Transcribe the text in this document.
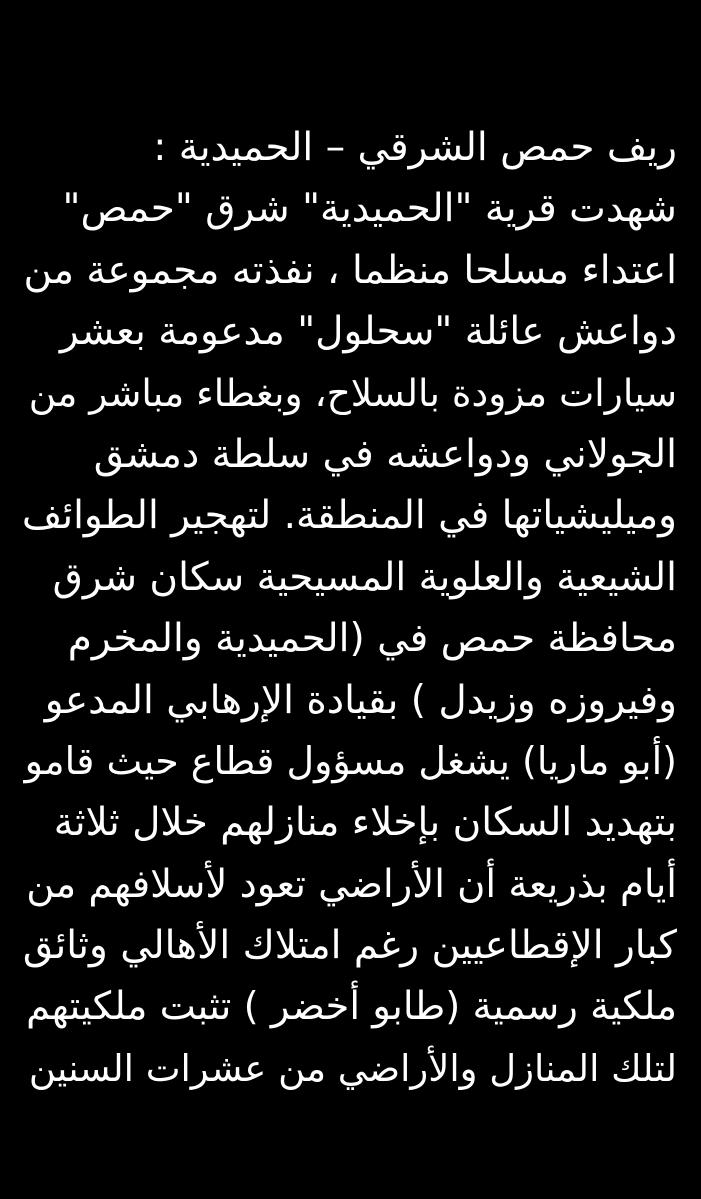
ريف حمص الشرقي – الحميدية :
شهدت قرية "الحميدية" شرق "حمص"
اعتداء مسلحا منظما ، نفذته مجموعة من
دواعش عائلة "سحلول" مدعومة بعشر
سيارات مزودة بالسلاح، وبغطاء مباشر من
الجولاني ودواعشه في سلطة دمشق
وميليشياتها في المنطقة. لتهجير الطوائف
الشيعية والعلوية المسيحية سكان شرق
محافظة حمص في (الحميدية والمخرم
وفيروزه وزيدل ) بقيادة الإرهابي المدعو
(أبو ماريا) يشغل مسؤول قطاع حيث قامو
بتهديد السكان بإخلاء منازلهم خلال ثلاثة
أيام بذريعة أن الأراضي تعود لأسلافهم من
كبار الإقطاعيين رغم امتلاك الأهالي وثائق
ملكية رسمية (طابو أخضر ) تثبت ملكيتهم
لتلك المنازل والأراضي من عشرات السنين
